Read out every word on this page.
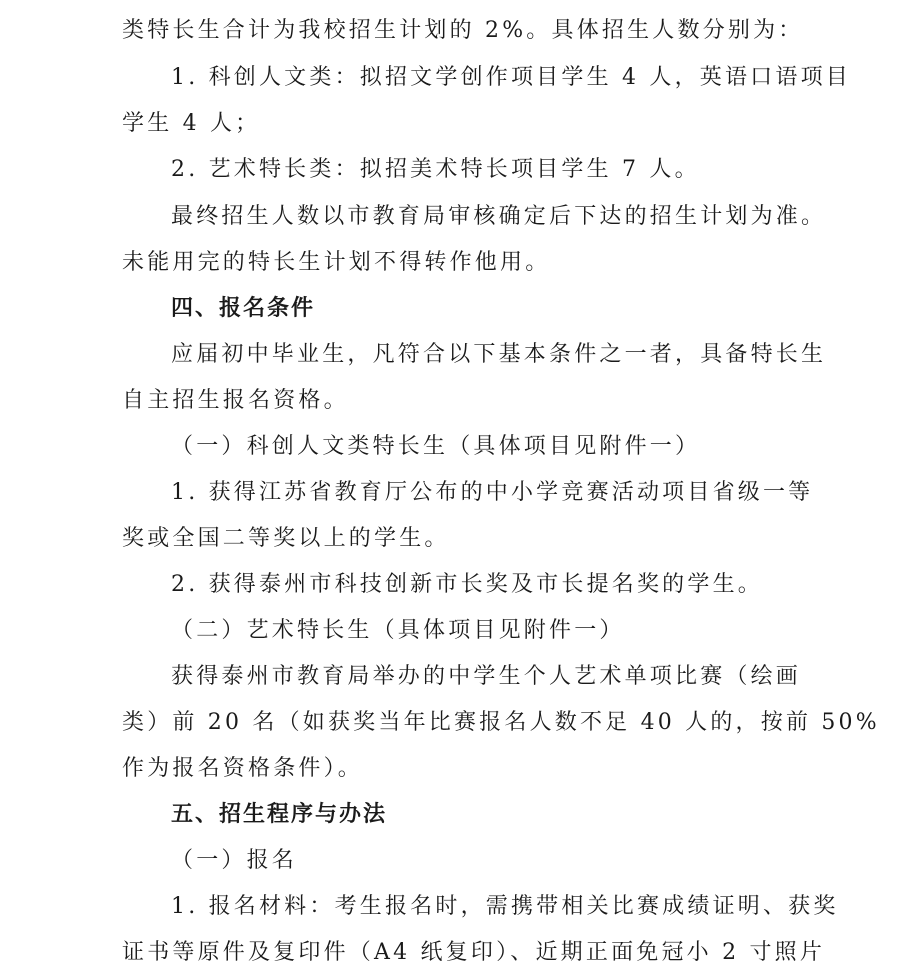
类特长生合计为我校招生计划的 2%。具体招生人数分别为：
1. 科创人文类：拟招文学创作项目学生 4 人，英语口语项目
学生 4 人；
2. 艺术特长类：拟招美术特长项目学生 7 人。
最终招生人数以市教育局审核确定后下达的招生计划为准。
未能用完的特长生计划不得转作他用。
四、报名条件
应届初中毕业生，凡符合以下基本条件之一者，具备特长生
自主招生报名资格。
（一）科创人文类特长生（具体项目见附件一）
1. 获得江苏省教育厅公布的中小学竞赛活动项目省级一等
奖或全国二等奖以上的学生。
2. 获得泰州市科技创新市长奖及市长提名奖的学生。
（二）艺术特长生（具体项目见附件一）
获得泰州市教育局举办的中学生个人艺术单项比赛（绘画
类）前 20 名（如获奖当年比赛报名人数不足 40 人的，按前 50%
作为报名资格条件）。
五、招生程序与办法
（一）报名
1. 报名材料：考生报名时，需携带相关比赛成绩证明、获奖
证书等原件及复印件（A4 纸复印）、近期正面免冠小 2 寸照片
